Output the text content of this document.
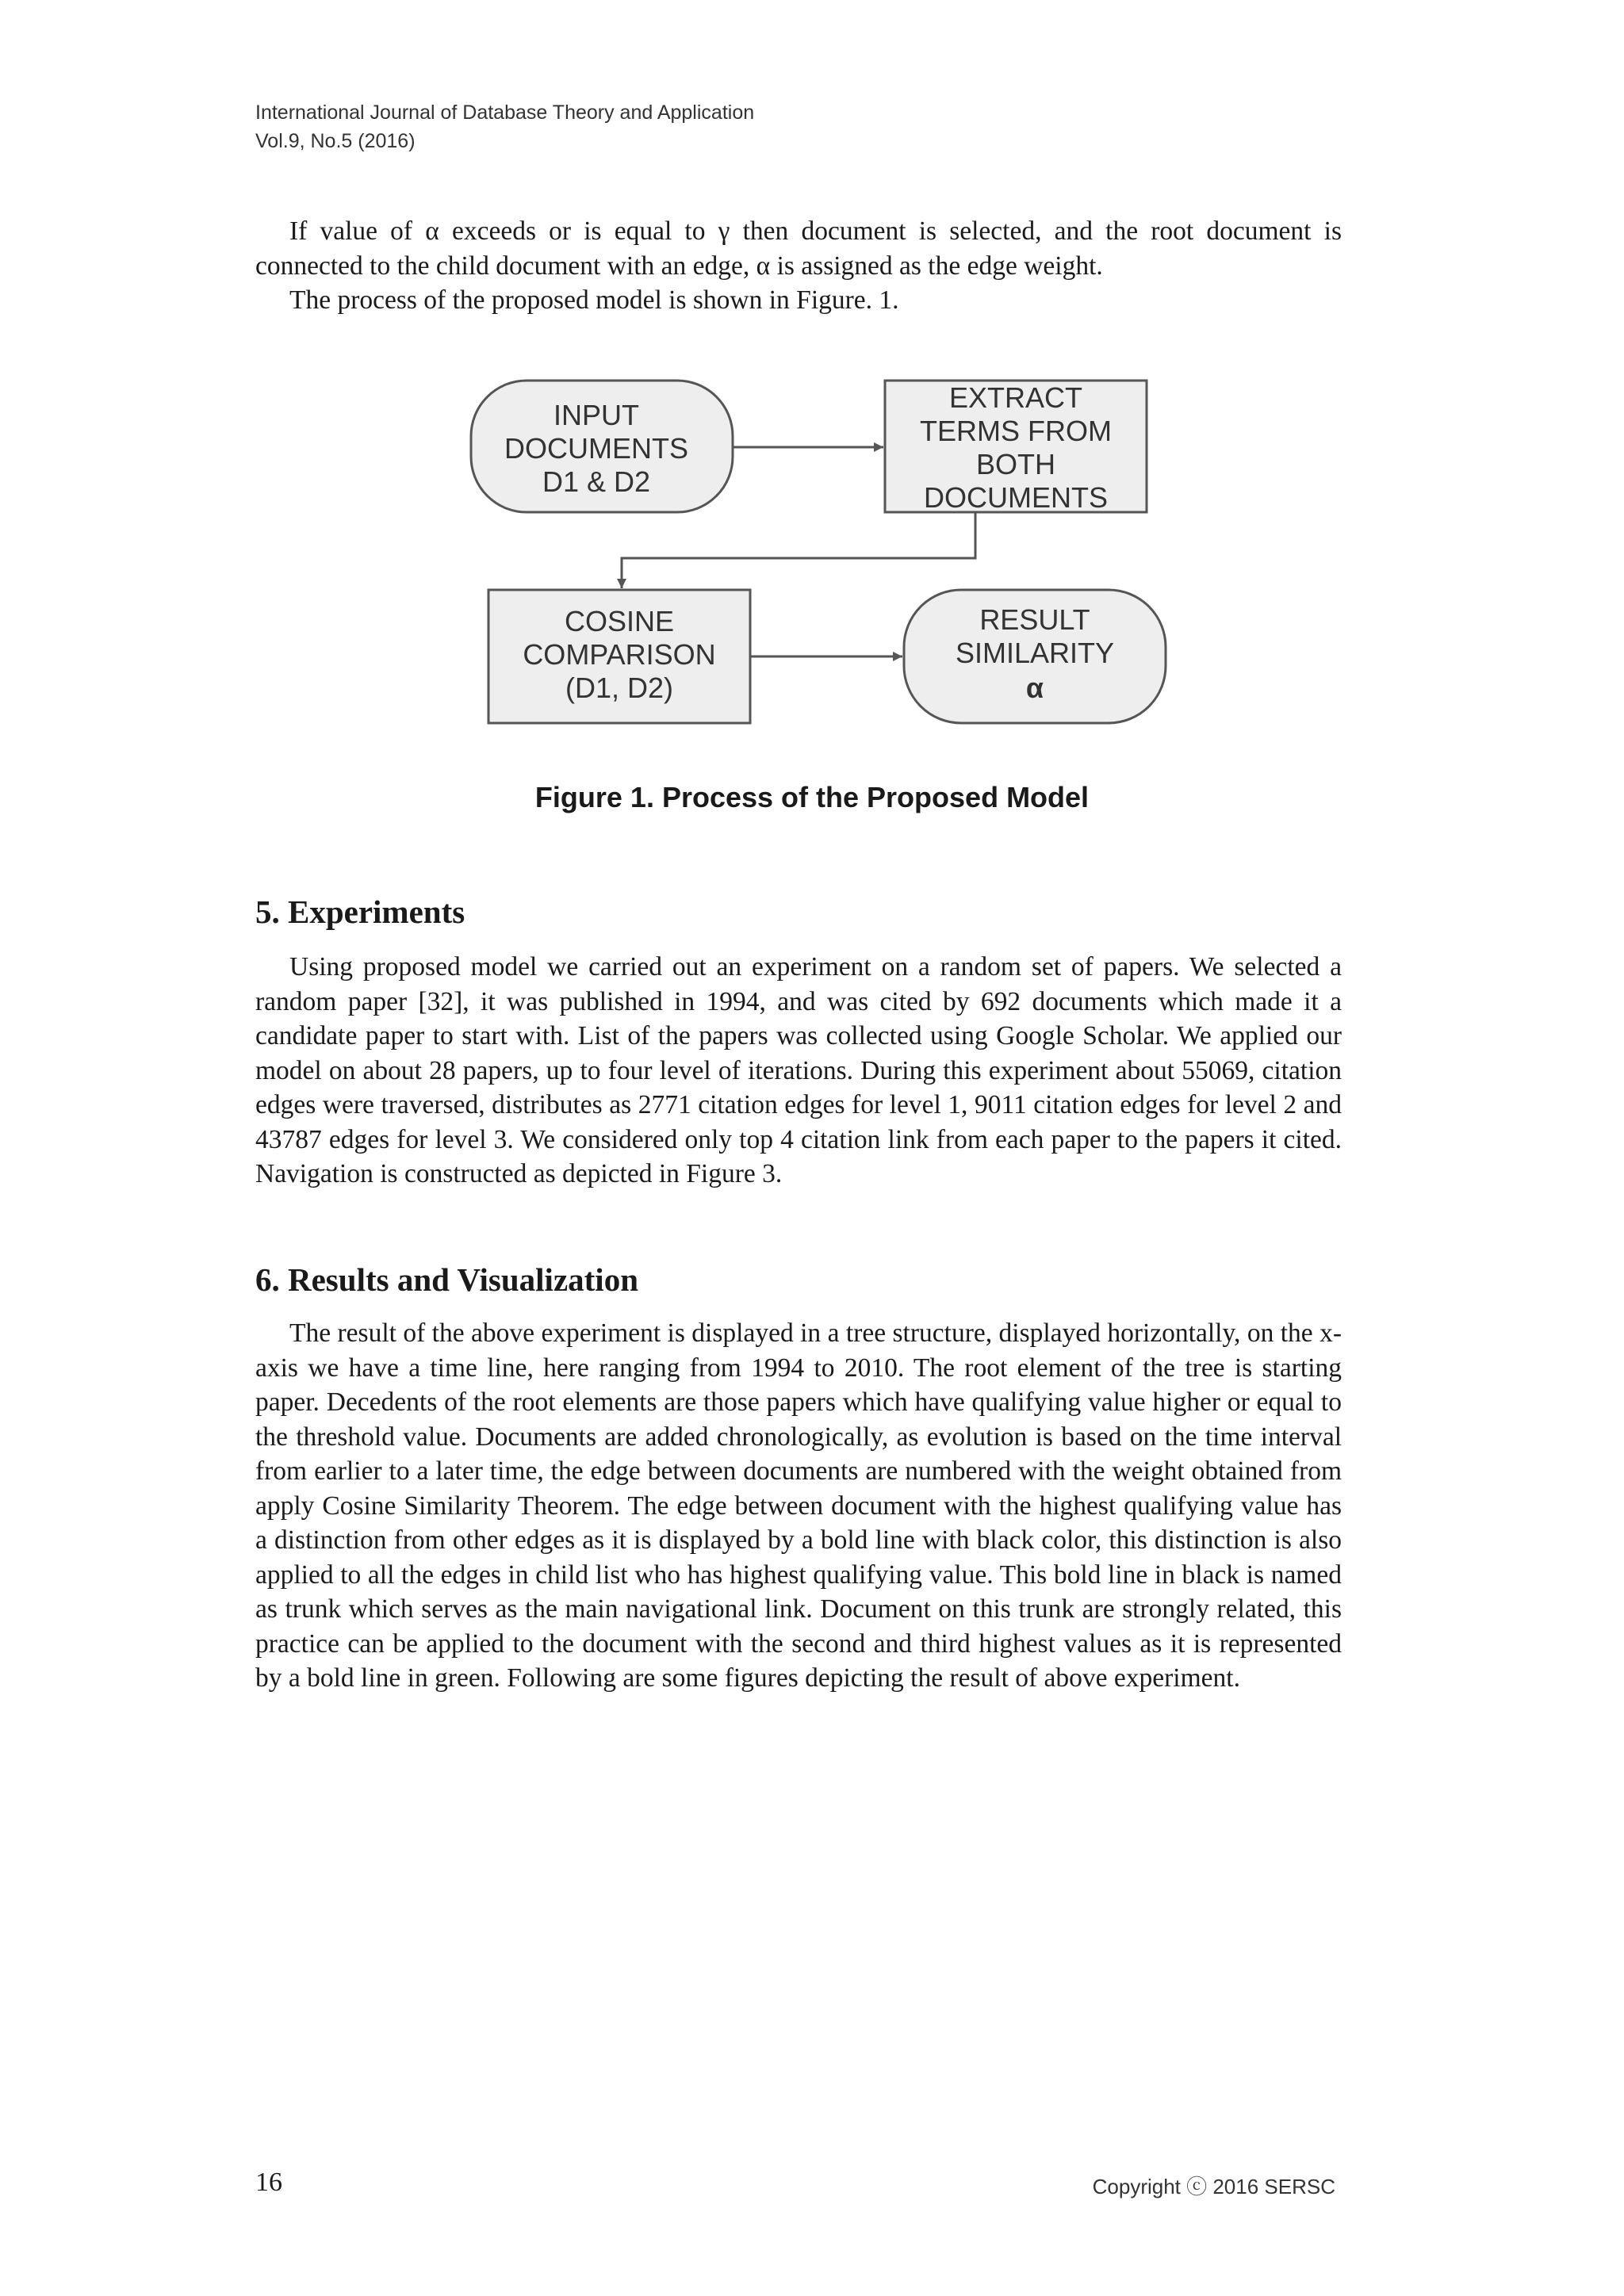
International Journal of Database Theory and Application
Vol.9, No.5 (2016)

If value of α exceeds or is equal to γ then document is selected, and the root document is connected to the child document with an edge, α is assigned as the edge weight.

The process of the proposed model is shown in Figure. 1.

INPUT
DOCUMENTS
D1 & D2
EXTRACT
TERMS FROM
BOTH
DOCUMENTS
COSINE
COMPARISON
(D1, D2)
RESULT
SIMILARITY
α
Figure 1. Process of the Proposed Model
5. Experiments

Using proposed model we carried out an experiment on a random set of papers. We selected a random paper [32], it was published in 1994, and was cited by 692 documents which made it a candidate paper to start with. List of the papers was collected using Google Scholar. We applied our model on about 28 papers, up to four level of iterations. During this experiment about 55069, citation edges were traversed, distributes as 2771 citation edges for level 1, 9011 citation edges for level 2 and 43787 edges for level 3. We considered only top 4 citation link from each paper to the papers it cited. Navigation is constructed as depicted in Figure 3.

6. Results and Visualization

The result of the above experiment is displayed in a tree structure, displayed horizontally, on the x-axis we have a time line, here ranging from 1994 to 2010. The root element of the tree is starting paper. Decedents of the root elements are those papers which have qualifying value higher or equal to the threshold value. Documents are added chronologically, as evolution is based on the time interval from earlier to a later time, the edge between documents are numbered with the weight obtained from apply Cosine Similarity Theorem. The edge between document with the highest qualifying value has a distinction from other edges as it is displayed by a bold line with black color, this distinction is also applied to all the edges in child list who has highest qualifying value. This bold line in black is named as trunk which serves as the main navigational link. Document on this trunk are strongly related, this practice can be applied to the document with the second and third highest values as it is represented by a bold line in green. Following are some figures depicting the result of above experiment.

16	Copyright ⓒ 2016 SERSC
